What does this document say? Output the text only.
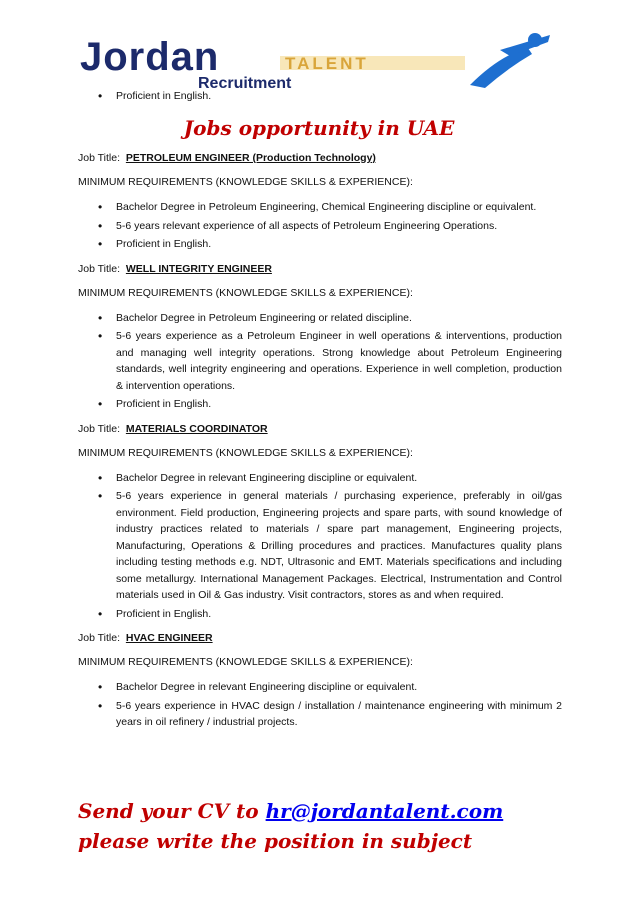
Jordan	TALENT
Recruitment
• Proficient in English.
Jobs opportunity in UAE

Job Title: PETROLEUM ENGINEER (Production Technology)

MINIMUM REQUIREMENTS (KNOWLEDGE SKILLS & EXPERIENCE):

• Bachelor Degree in Petroleum Engineering, Chemical Engineering discipline or equivalent.
• 5-6 years relevant experience of all aspects of Petroleum Engineering Operations.
• Proficient in English.

Job Title: WELL INTEGRITY ENGINEER

MINIMUM REQUIREMENTS (KNOWLEDGE SKILLS & EXPERIENCE):

• Bachelor Degree in Petroleum Engineering or related discipline.
• 5-6 years experience as a Petroleum Engineer in well operations & interventions, production and managing well integrity operations. Strong knowledge about Petroleum Engineering standards, well integrity engineering and operations. Experience in well completion, production & intervention operations.
• Proficient in English.

Job Title: MATERIALS COORDINATOR

MINIMUM REQUIREMENTS (KNOWLEDGE SKILLS & EXPERIENCE):

• Bachelor Degree in relevant Engineering discipline or equivalent.
• 5-6 years experience in general materials / purchasing experience, preferably in oil/gas environment. Field production, Engineering projects and spare parts, with sound knowledge of industry practices related to materials / spare part management, Engineering projects, Manufacturing, Operations & Drilling procedures and practices. Manufactures quality plans including testing methods e.g. NDT, Ultrasonic and EMT. Materials specifications and including some metallurgy. International Management Packages. Electrical, Instrumentation and Control materials used in Oil & Gas industry. Visit contractors, stores as and when required.
• Proficient in English.

Job Title: HVAC ENGINEER

MINIMUM REQUIREMENTS (KNOWLEDGE SKILLS & EXPERIENCE):

• Bachelor Degree in relevant Engineering discipline or equivalent.
• 5-6 years experience in HVAC design / installation / maintenance engineering with minimum 2 years in oil refinery / industrial projects.
Send your CV to hr@jordantalent.com
please write the position in subject
